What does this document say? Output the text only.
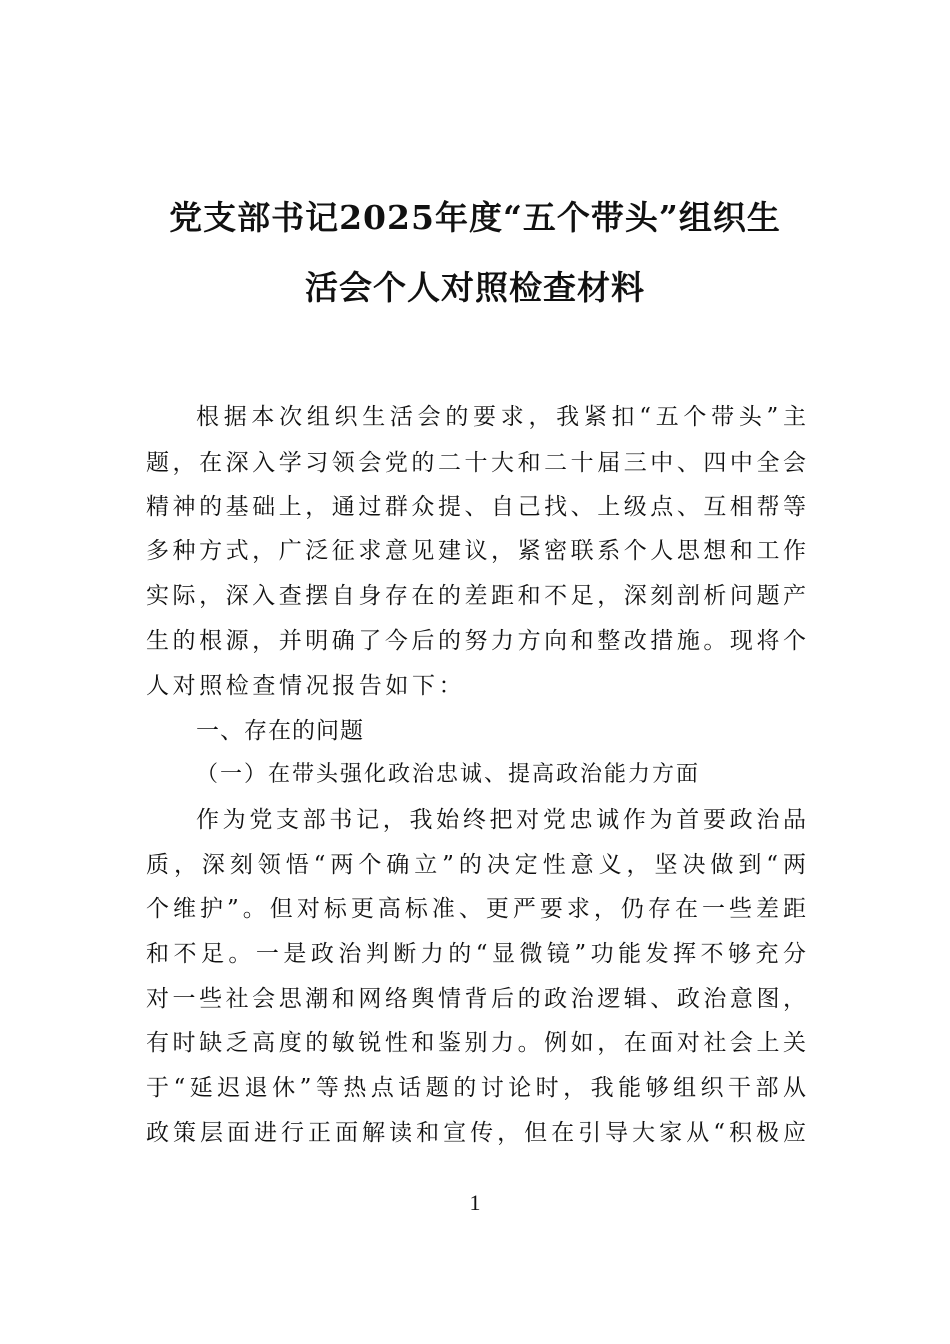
党支部书记2025年度“五个带头”组织生
活会个人对照检查材料
根据本次组织生活会的要求，我紧扣“五个带头”主
题，在深入学习领会党的二十大和二十届三中、四中全会
精神的基础上，通过群众提、自己找、上级点、互相帮等
多种方式，广泛征求意见建议，紧密联系个人思想和工作
实际，深入查摆自身存在的差距和不足，深刻剖析问题产
生的根源，并明确了今后的努力方向和整改措施。现将个
人对照检查情况报告如下：
一、存在的问题
（一）在带头强化政治忠诚、提高政治能力方面
作为党支部书记，我始终把对党忠诚作为首要政治品
质，深刻领悟“两个确立”的决定性意义，坚决做到“两
个维护”。但对标更高标准、更严要求，仍存在一些差距
和不足。一是政治判断力的“显微镜”功能发挥不够充分
对一些社会思潮和网络舆情背后的政治逻辑、政治意图，
有时缺乏高度的敏锐性和鉴别力。例如，在面对社会上关
于“延迟退休”等热点话题的讨论时，我能够组织干部从
政策层面进行正面解读和宣传，但在引导大家从“积极应
1
